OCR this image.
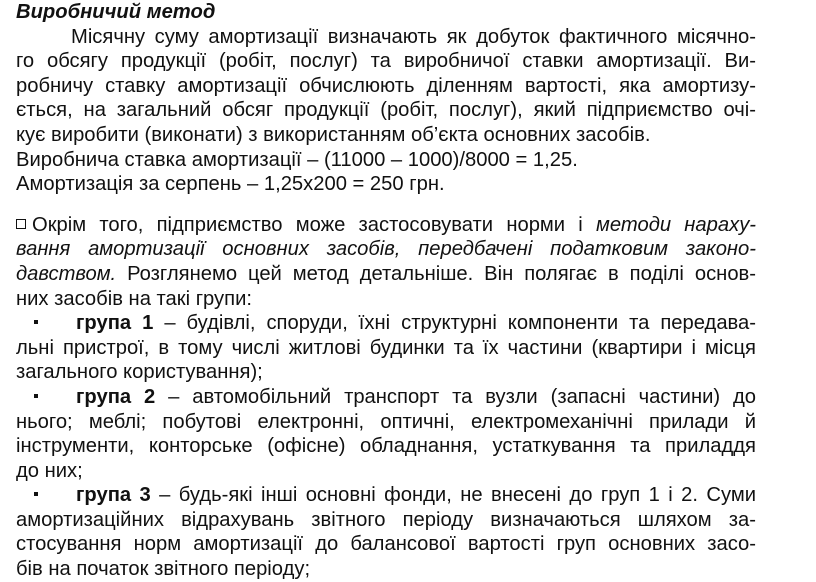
Виробничий метод
Місячну суму амортизації визначають як добуток фактичного місячно-
го обсягу продукції (робіт, послуг) та виробничої ставки амортизації. Ви-
робничу ставку амортизації обчислюють діленням вартості, яка амортизу-
ється, на загальний обсяг продукції (робіт, послуг), який підприємство очі-
кує виробити (виконати) з використанням об’єкта основних засобів.
Виробнича ставка амортизації – (11000 – 1000)/8000 = 1,25.
Амортизація за серпень – 1,25х200 = 250 грн.
Окрім того, підприємство може застосовувати норми і методи нараху-
вання амортизації основних засобів, передбачені податковим законо-
давством. Розглянемо цей метод детальніше. Він полягає в поділі основ-
них засобів на такі групи:
група 1 – будівлі, споруди, їхні структурні компоненти та передава-
льні пристрої, в тому числі житлові будинки та їх частини (квартири і місця
загального користування);
група 2 – автомобільний транспорт та вузли (запасні частини) до
нього; меблі; побутові електронні, оптичні, електромеханічні прилади й
інструменти, конторське (офісне) обладнання, устаткування та приладдя
до них;
група 3 – будь-які інші основні фонди, не внесені до груп 1 і 2. Суми
амортизаційних відрахувань звітного періоду визначаються шляхом за-
стосування норм амортизації до балансової вартості груп основних засо-
бів на початок звітного періоду;
